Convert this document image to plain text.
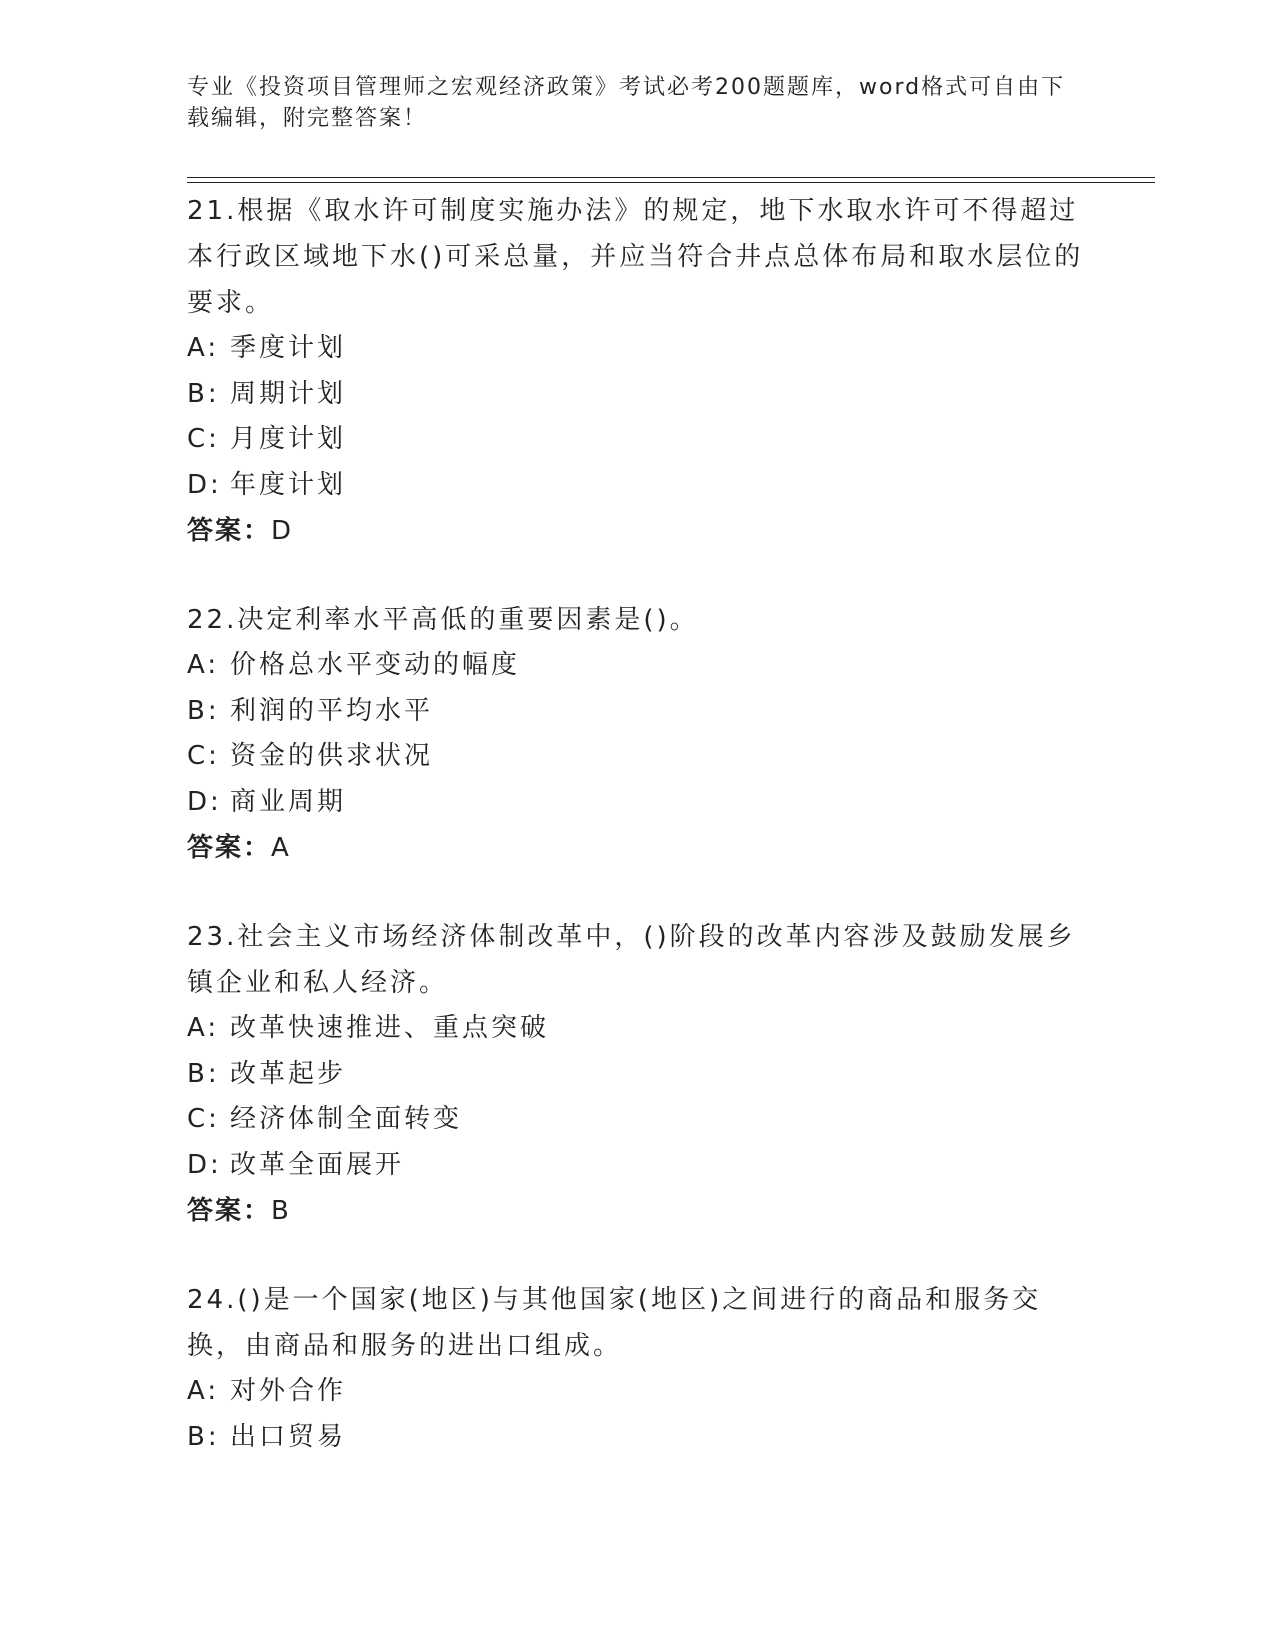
专业《投资项目管理师之宏观经济政策》考试必考200题题库，word格式可自由下载编辑，附完整答案！

21.根据《取水许可制度实施办法》的规定，地下水取水许可不得超过本行政区域地下水()可采总量，并应当符合井点总体布局和取水层位的要求。

A: 季度计划

B: 周期计划

C: 月度计划

D: 年度计划

答案：D

22.决定利率水平高低的重要因素是()。

A: 价格总水平变动的幅度

B: 利润的平均水平

C: 资金的供求状况

D: 商业周期

答案：A

23.社会主义市场经济体制改革中，()阶段的改革内容涉及鼓励发展乡镇企业和私人经济。

A: 改革快速推进、重点突破

B: 改革起步

C: 经济体制全面转变

D: 改革全面展开

答案：B

24.()是一个国家(地区)与其他国家(地区)之间进行的商品和服务交换，由商品和服务的进出口组成。

A: 对外合作

B: 出口贸易
